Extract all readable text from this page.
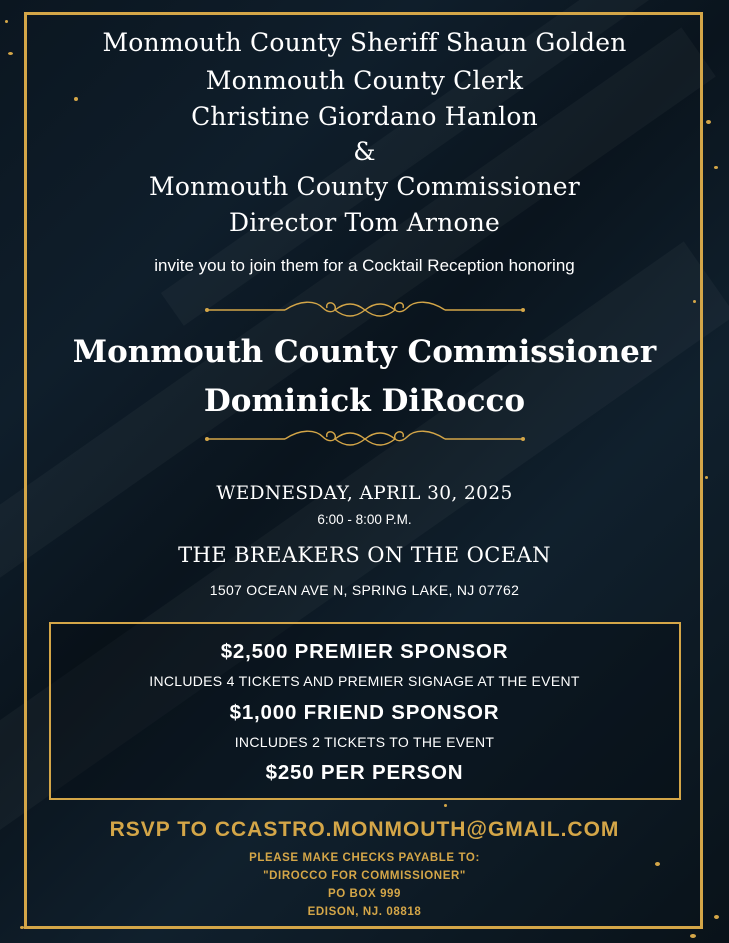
Monmouth County Sheriff Shaun Golden
Monmouth County Clerk
Christine Giordano Hanlon
&
Monmouth County Commissioner
Director Tom Arnone
invite you to join them for a Cocktail Reception honoring
Monmouth County Commissioner
Dominick DiRocco
WEDNESDAY, APRIL 30, 2025
6:00 - 8:00 P.M.
THE BREAKERS ON THE OCEAN
1507 OCEAN AVE N, SPRING LAKE, NJ 07762
$2,500 PREMIER SPONSOR
INCLUDES 4 TICKETS AND PREMIER SIGNAGE AT THE EVENT
$1,000 FRIEND SPONSOR
INCLUDES 2 TICKETS TO THE EVENT
$250 PER PERSON
RSVP TO CCASTRO.MONMOUTH@GMAIL.COM
PLEASE MAKE CHECKS PAYABLE TO:
"DIROCCO FOR COMMISSIONER"
PO BOX 999
EDISON, NJ. 08818
